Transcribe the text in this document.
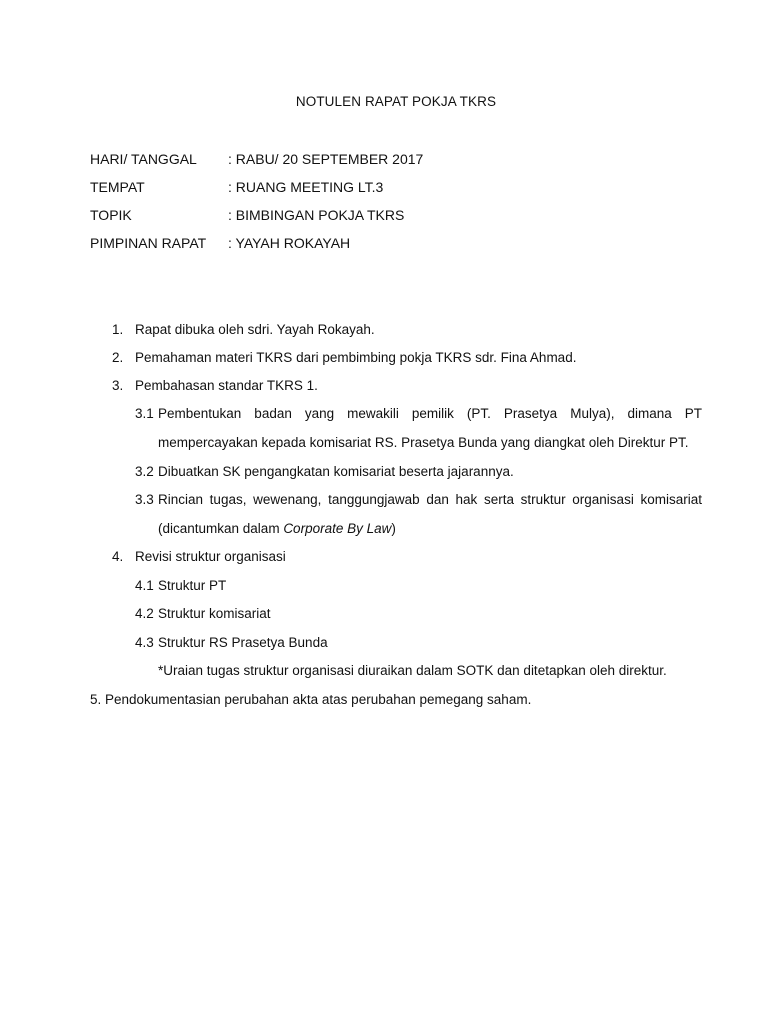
NOTULEN RAPAT POKJA TKRS
HARI/ TANGGAL : RABU/ 20 SEPTEMBER 2017
TEMPAT	: RUANG MEETING LT.3
TOPIK	: BIMBINGAN POKJA TKRS
PIMPINAN RAPAT : YAYAH ROKAYAH
1. Rapat dibuka oleh sdri. Yayah Rokayah.
2. Pemahaman materi TKRS dari pembimbing pokja TKRS sdr. Fina Ahmad.
3. Pembahasan standar TKRS 1.
3.1 Pembentukan badan yang mewakili pemilik (PT. Prasetya Mulya), dimana PT
mempercayakan kepada komisariat RS. Prasetya Bunda yang diangkat oleh Direktur PT.
3.2 Dibuatkan SK pengangkatan komisariat beserta jajarannya.
3.3 Rincian tugas, wewenang, tanggungjawab dan hak serta struktur organisasi komisariat
(dicantumkan dalam Corporate By Law)
4. Revisi struktur organisasi
4.1 Struktur PT
4.2 Struktur komisariat
4.3 Struktur RS Prasetya Bunda
*Uraian tugas struktur organisasi diuraikan dalam SOTK dan ditetapkan oleh direktur.
5. Pendokumentasian perubahan akta atas perubahan pemegang saham.
